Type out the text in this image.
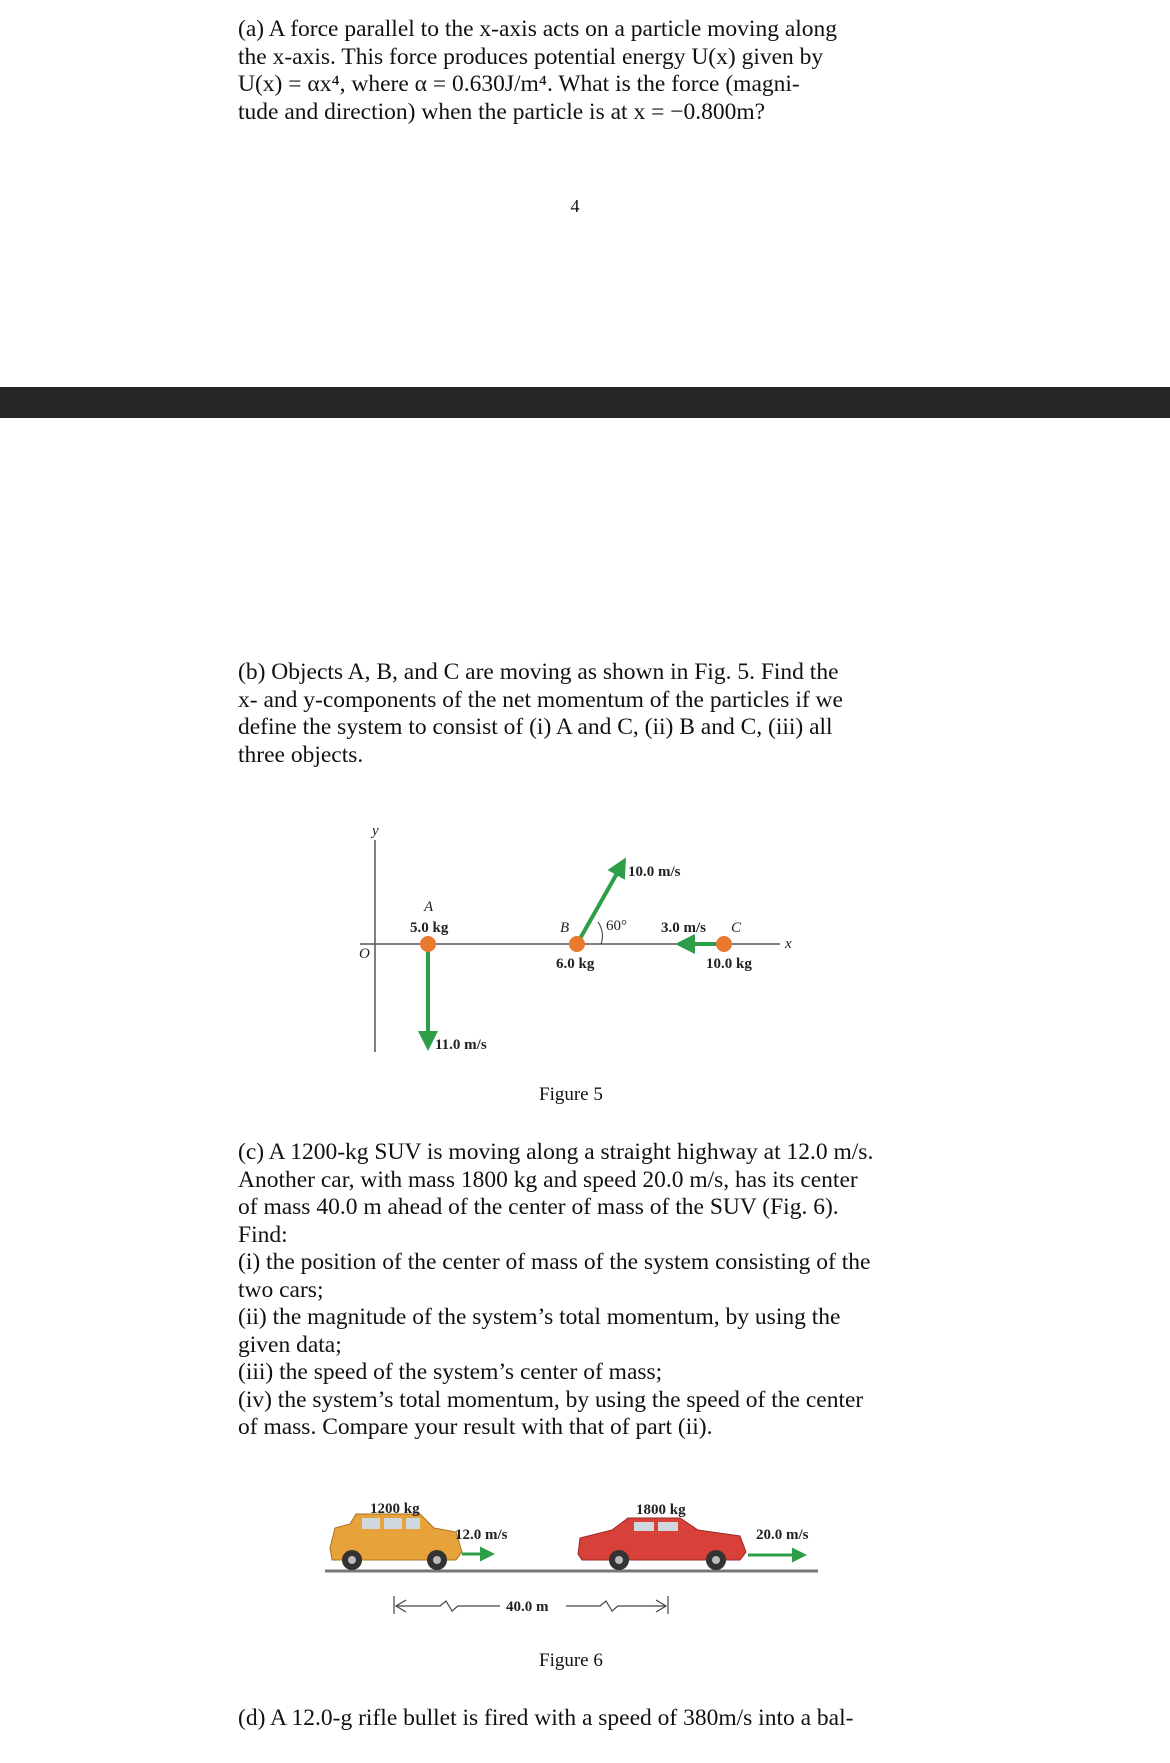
(a) A force parallel to the x-axis acts on a particle moving along
the x-axis. This force produces potential energy U(x) given by
U(x) = αx⁴, where α = 0.630J/m⁴. What is the force (magni-
tude and direction) when the particle is at x = −0.800m?
4
(b) Objects A, B, and C are moving as shown in Fig. 5. Find the
x- and y-components of the net momentum of the particles if we
define the system to consist of (i) A and C, (ii) B and C, (iii) all
three objects.
y
x
O
A
5.0 kg
11.0 m/s
B 60°
6.0 kg
10.0 m/s
C
3.0 m/s
10.0 kg
1200 kg
12.0 m/s
1800 kg
20.0 m/s
40.0 m
Figure 5
(c) A 1200-kg SUV is moving along a straight highway at 12.0 m/s.
Another car, with mass 1800 kg and speed 20.0 m/s, has its center
of mass 40.0 m ahead of the center of mass of the SUV (Fig. 6).
Find:
(i) the position of the center of mass of the system consisting of the
two cars;
(ii) the magnitude of the system’s total momentum, by using the
given data;
(iii) the speed of the system’s center of mass;
(iv) the system’s total momentum, by using the speed of the center
of mass. Compare your result with that of part (ii).
Figure 6
(d) A 12.0-g rifle bullet is fired with a speed of 380m/s into a bal-
